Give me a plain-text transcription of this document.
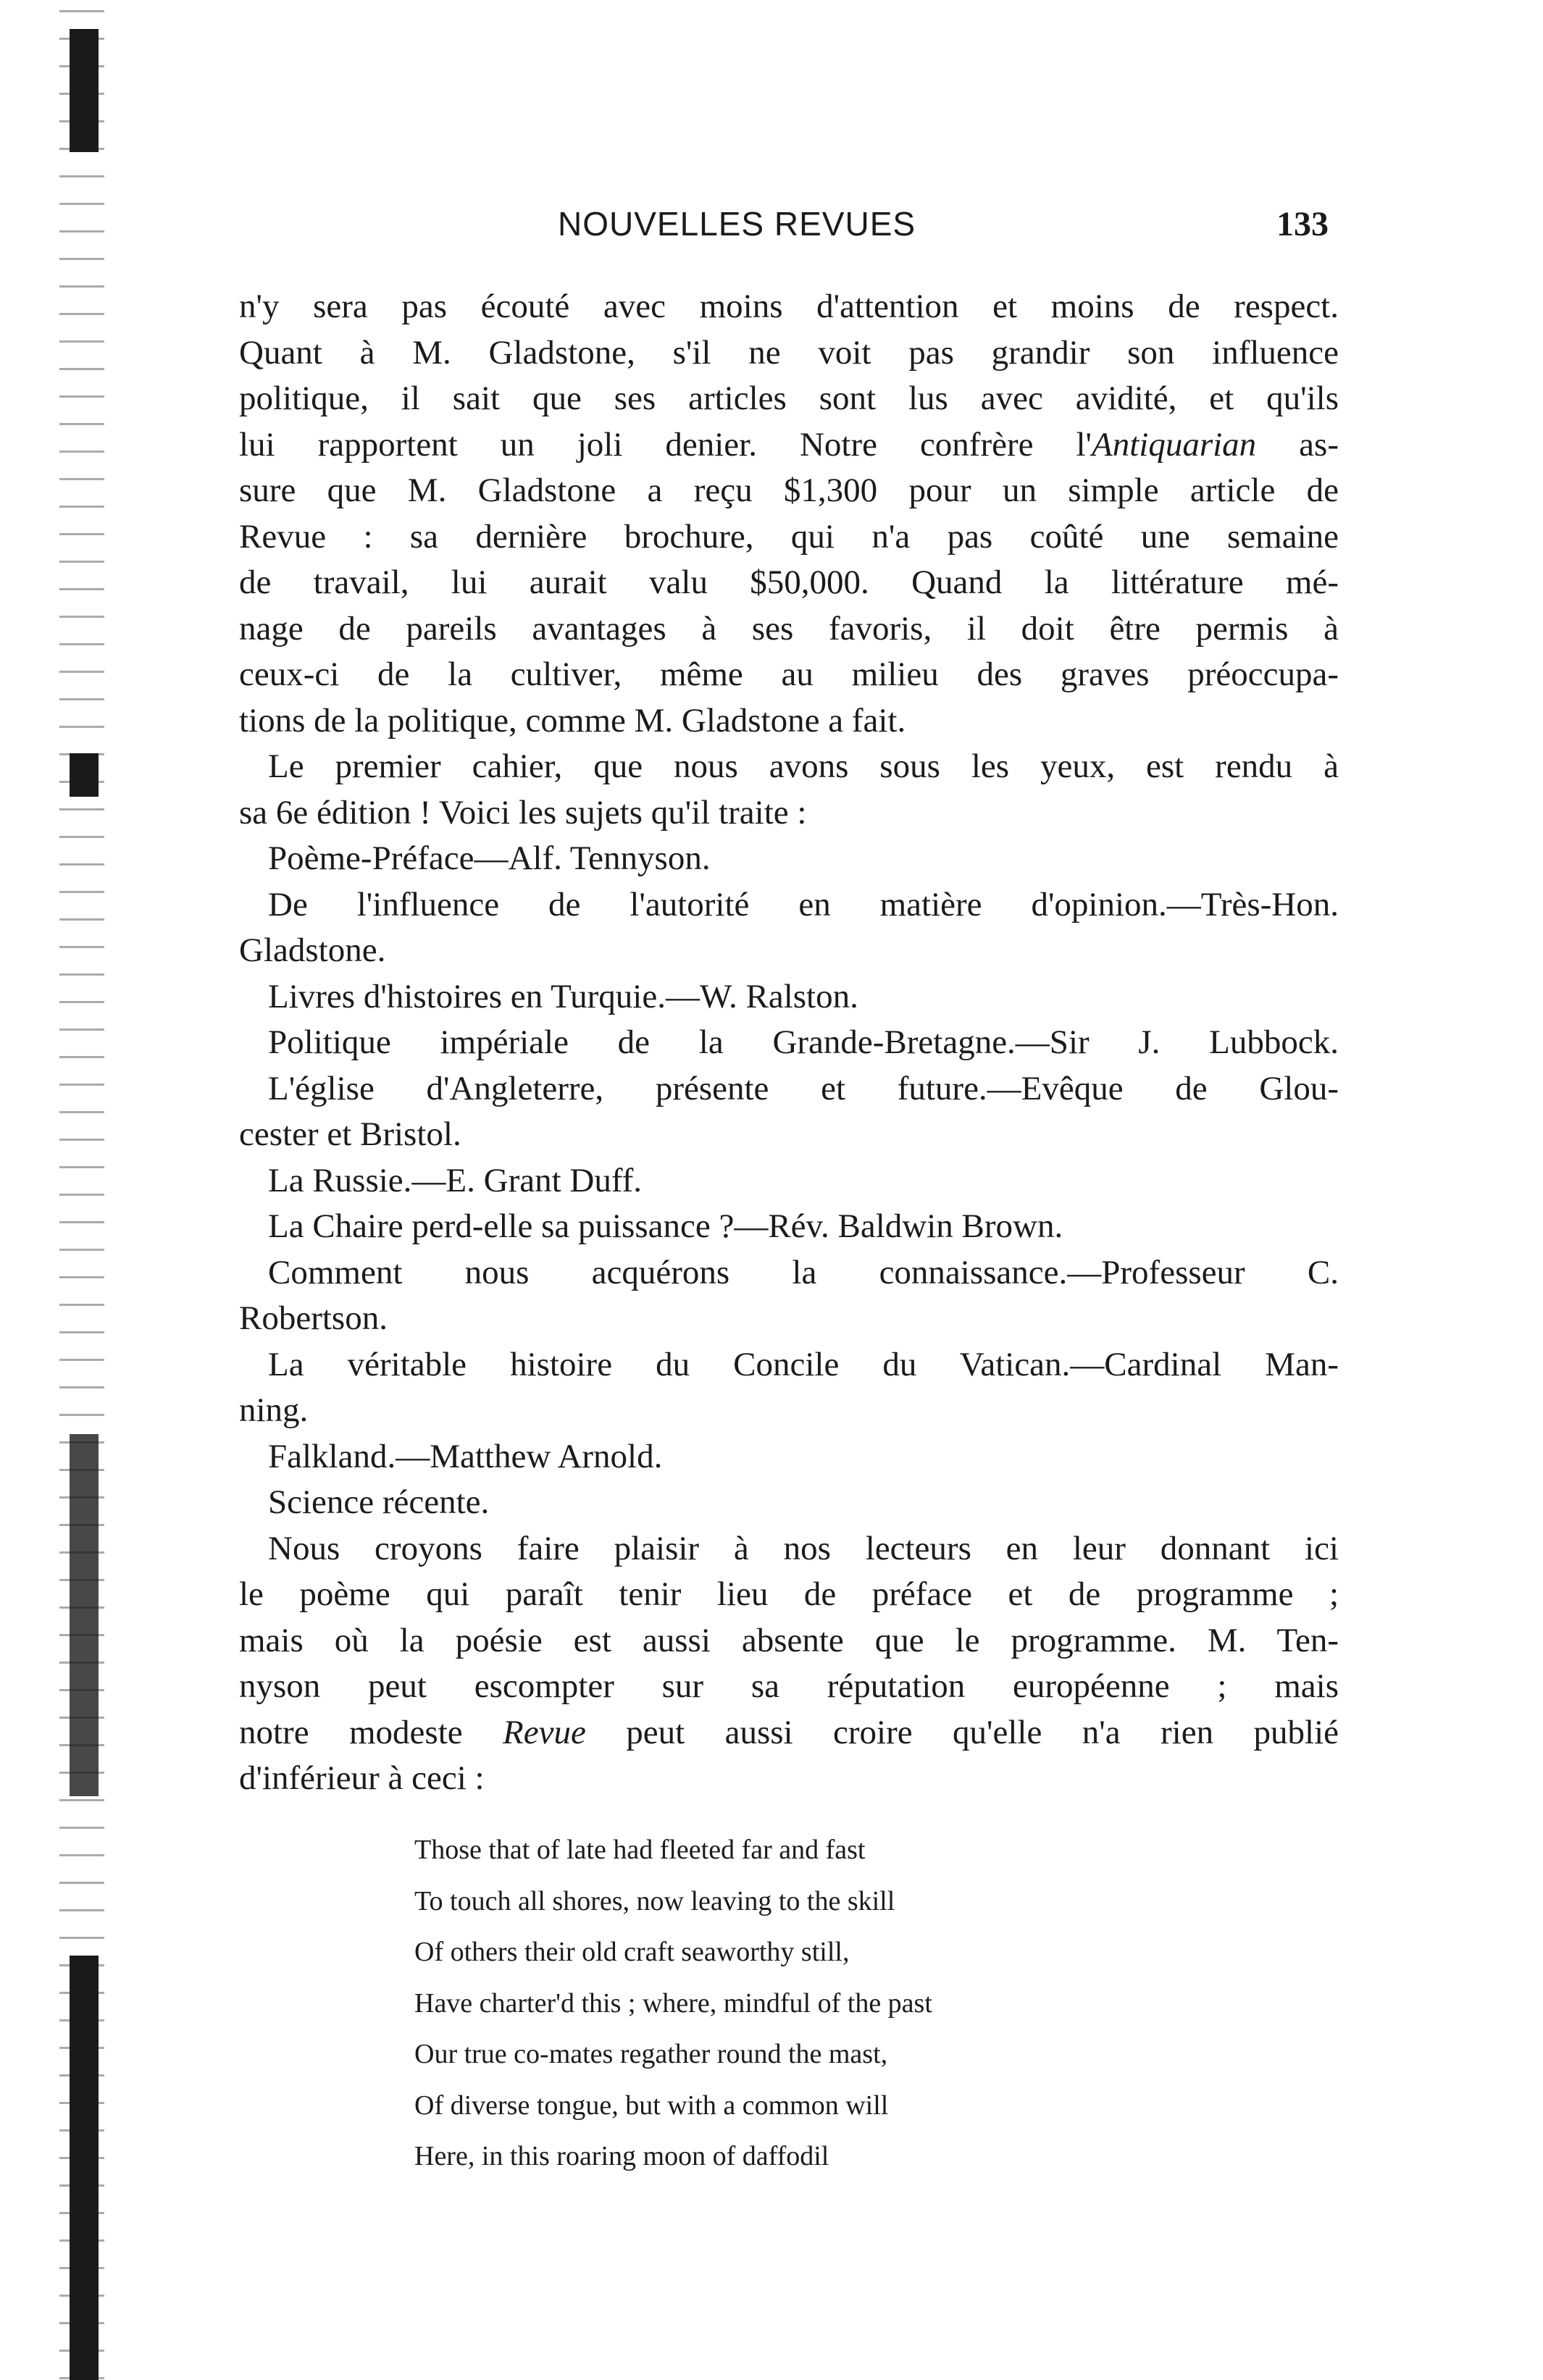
NOUVELLES REVUES	133
n'y sera pas écouté avec moins d'attention et moins de respect.
Quant à M. Gladstone, s'il ne voit pas grandir son influence
politique, il sait que ses articles sont lus avec avidité, et qu'ils
lui rapportent un joli denier. Notre confrère l'Antiquarian as-
sure que M. Gladstone a reçu $1,300 pour un simple article de
Revue : sa dernière brochure, qui n'a pas coûté une semaine
de travail, lui aurait valu $50,000. Quand la littérature mé-
nage de pareils avantages à ses favoris, il doit être permis à
ceux-ci de la cultiver, même au milieu des graves préoccupa-
tions de la politique, comme M. Gladstone a fait.
Le premier cahier, que nous avons sous les yeux, est rendu à
sa 6e édition ! Voici les sujets qu'il traite :
Poème-Préface—Alf. Tennyson.
De l'influence de l'autorité en matière d'opinion.—Très-Hon.
Gladstone.
Livres d'histoires en Turquie.—W. Ralston.
Politique impériale de la Grande-Bretagne.—Sir J. Lubbock.
L'église d'Angleterre, présente et future.—Evêque de Glou-
cester et Bristol.
La Russie.—E. Grant Duff.
La Chaire perd-elle sa puissance ?—Rév. Baldwin Brown.
Comment nous acquérons la connaissance.—Professeur C.
Robertson.
La véritable histoire du Concile du Vatican.—Cardinal Man-
ning.
Falkland.—Matthew Arnold.
Science récente.
Nous croyons faire plaisir à nos lecteurs en leur donnant ici
le poème qui paraît tenir lieu de préface et de programme ;
mais où la poésie est aussi absente que le programme. M. Ten-
nyson peut escompter sur sa réputation européenne ; mais
notre modeste Revue peut aussi croire qu'elle n'a rien publié
d'inférieur à ceci :
Those that of late had fleeted far and fast
To touch all shores, now leaving to the skill
Of others their old craft seaworthy still,
Have charter'd this ; where, mindful of the past
Our true co-mates regather round the mast,
Of diverse tongue, but with a common will
Here, in this roaring moon of daffodil
